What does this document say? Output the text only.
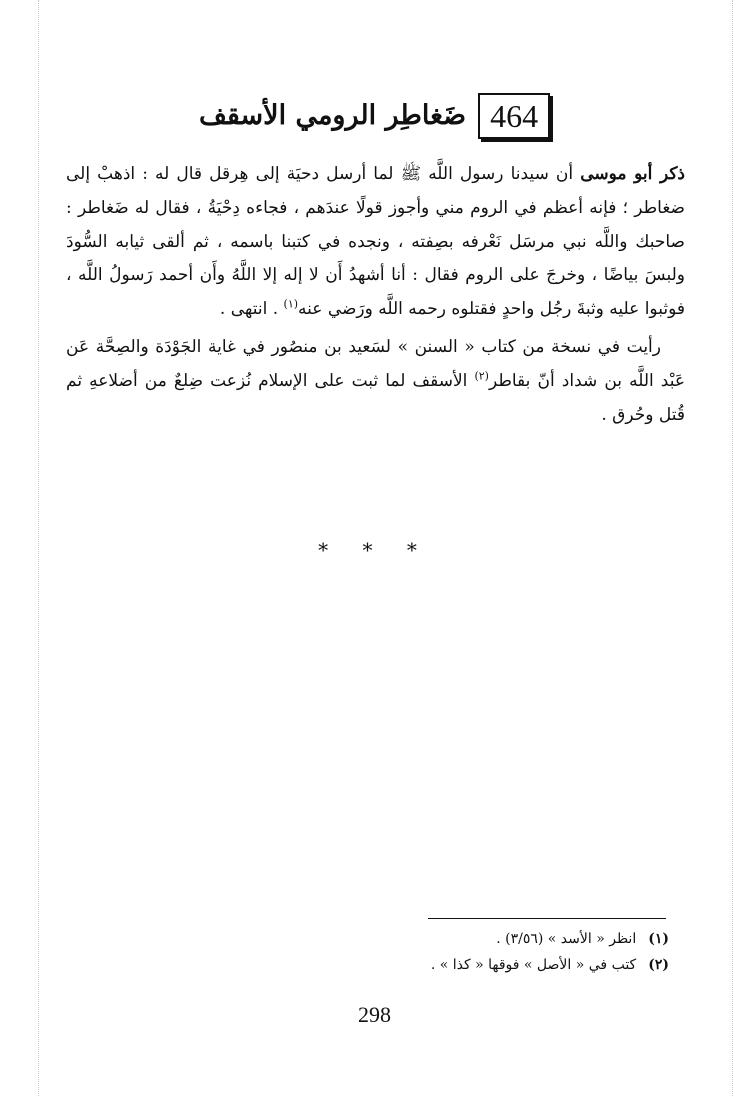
464
ضَغاطِر الرومي الأسقف

ذكر أبو موسى أن سيدنا رسول اللَّه ﷺ لما أرسل دحيَة إلى هِرقل قال له : اذهبْ إلى ضغاطر ؛ فإنه أعظم في الروم مني وأجوز قولًا عندَهم ، فجاءه دِحْيَةُ ، فقال له ضَغاطر : صاحبك واللَّه نبي مرسَل نَعْرفه بصِفته ، ونجده في كتبنا باسمه ، ثم ألقى ثيابه السُّودَ ولبسَ بياضًا ، وخرجَ على الروم فقال : أنا أشهدُ أَن لا إله إلا اللَّهُ وأَن أحمد رَسولُ اللَّه ، فوثبوا عليه وثبةَ رجُل واحدٍ فقتلوه رحمه اللَّه ورَضي عنه$^{(١)}$ . انتهى .

رأيت في نسخة من كتاب « السنن » لسَعيد بن منصُور في غاية الجَوْدَة والصِحَّة عَن عَبْد اللَّه بن شداد أنّ بقاطر$^{(٢)}$ الأسقف لما ثبت على الإسلام نُزعت ضِلعٌ من أضلاعهِ ثم قُتل وحُرق .

* * *
(١)انظر « الأسد » (٣/٥٦) .
(٢)كتب في « الأصل » فوقها « كذا » .
298
